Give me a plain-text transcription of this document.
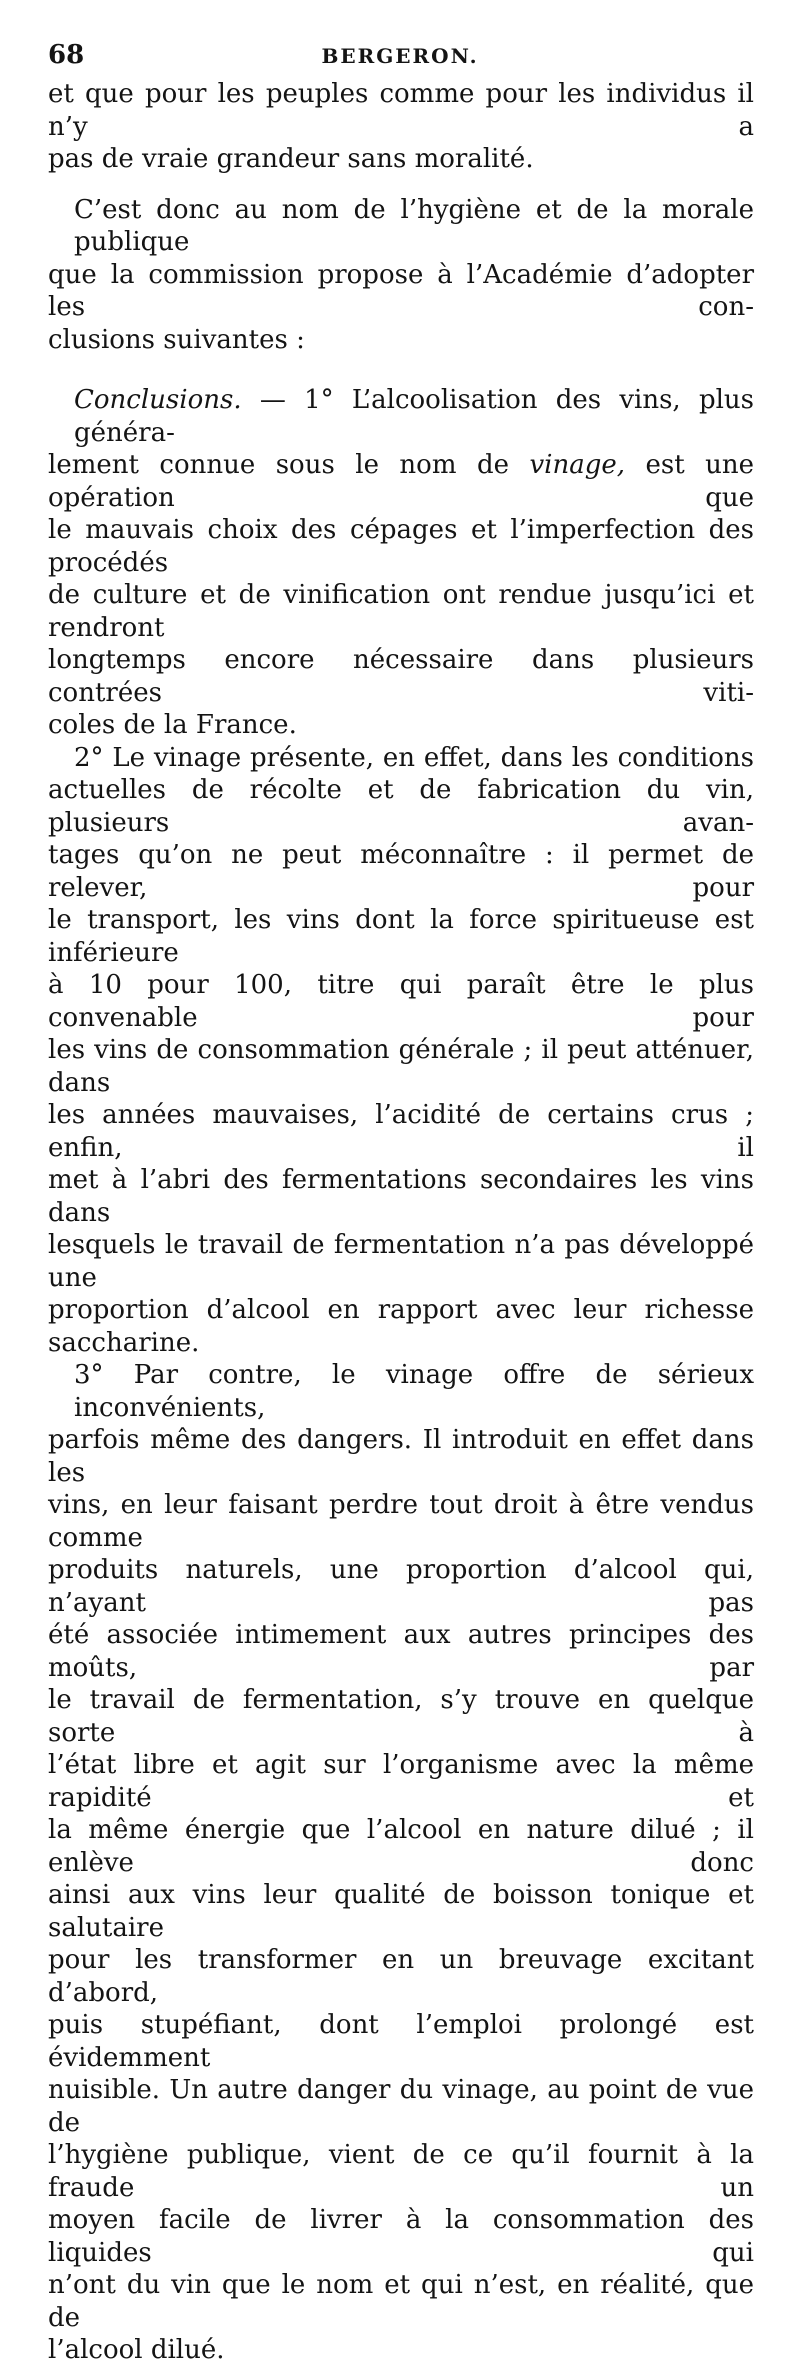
68	BERGERON.

et que pour les peuples comme pour les individus il n’y a
pas de vraie grandeur sans moralité.

C’est donc au nom de l’hygiène et de la morale publique
que la commission propose à l’Académie d’adopter les con-
clusions suivantes :

Conclusions. — 1° L’alcoolisation des vins, plus généra-
lement connue sous le nom de vinage, est une opération que
le mauvais choix des cépages et l’imperfection des procédés
de culture et de vinification ont rendue jusqu’ici et rendront
longtemps encore nécessaire dans plusieurs contrées viti-
coles de la France.

2° Le vinage présente, en effet, dans les conditions
actuelles de récolte et de fabrication du vin, plusieurs avan-
tages qu’on ne peut méconnaître : il permet de relever, pour
le transport, les vins dont la force spiritueuse est inférieure
à 10 pour 100, titre qui paraît être le plus convenable pour
les vins de consommation générale ; il peut atténuer, dans
les années mauvaises, l’acidité de certains crus ; enfin, il
met à l’abri des fermentations secondaires les vins dans
lesquels le travail de fermentation n’a pas développé une
proportion d’alcool en rapport avec leur richesse saccharine.

3° Par contre, le vinage offre de sérieux inconvénients,
parfois même des dangers. Il introduit en effet dans les
vins, en leur faisant perdre tout droit à être vendus comme
produits naturels, une proportion d’alcool qui, n’ayant pas
été associée intimement aux autres principes des moûts, par
le travail de fermentation, s’y trouve en quelque sorte à
l’état libre et agit sur l’organisme avec la même rapidité et
la même énergie que l’alcool en nature dilué ; il enlève donc
ainsi aux vins leur qualité de boisson tonique et salutaire
pour les transformer en un breuvage excitant d’abord,
puis stupéfiant, dont l’emploi prolongé est évidemment
nuisible. Un autre danger du vinage, au point de vue de
l’hygiène publique, vient de ce qu’il fournit à la fraude un
moyen facile de livrer à la consommation des liquides qui
n’ont du vin que le nom et qui n’est, en réalité, que de
l’alcool dilué.
